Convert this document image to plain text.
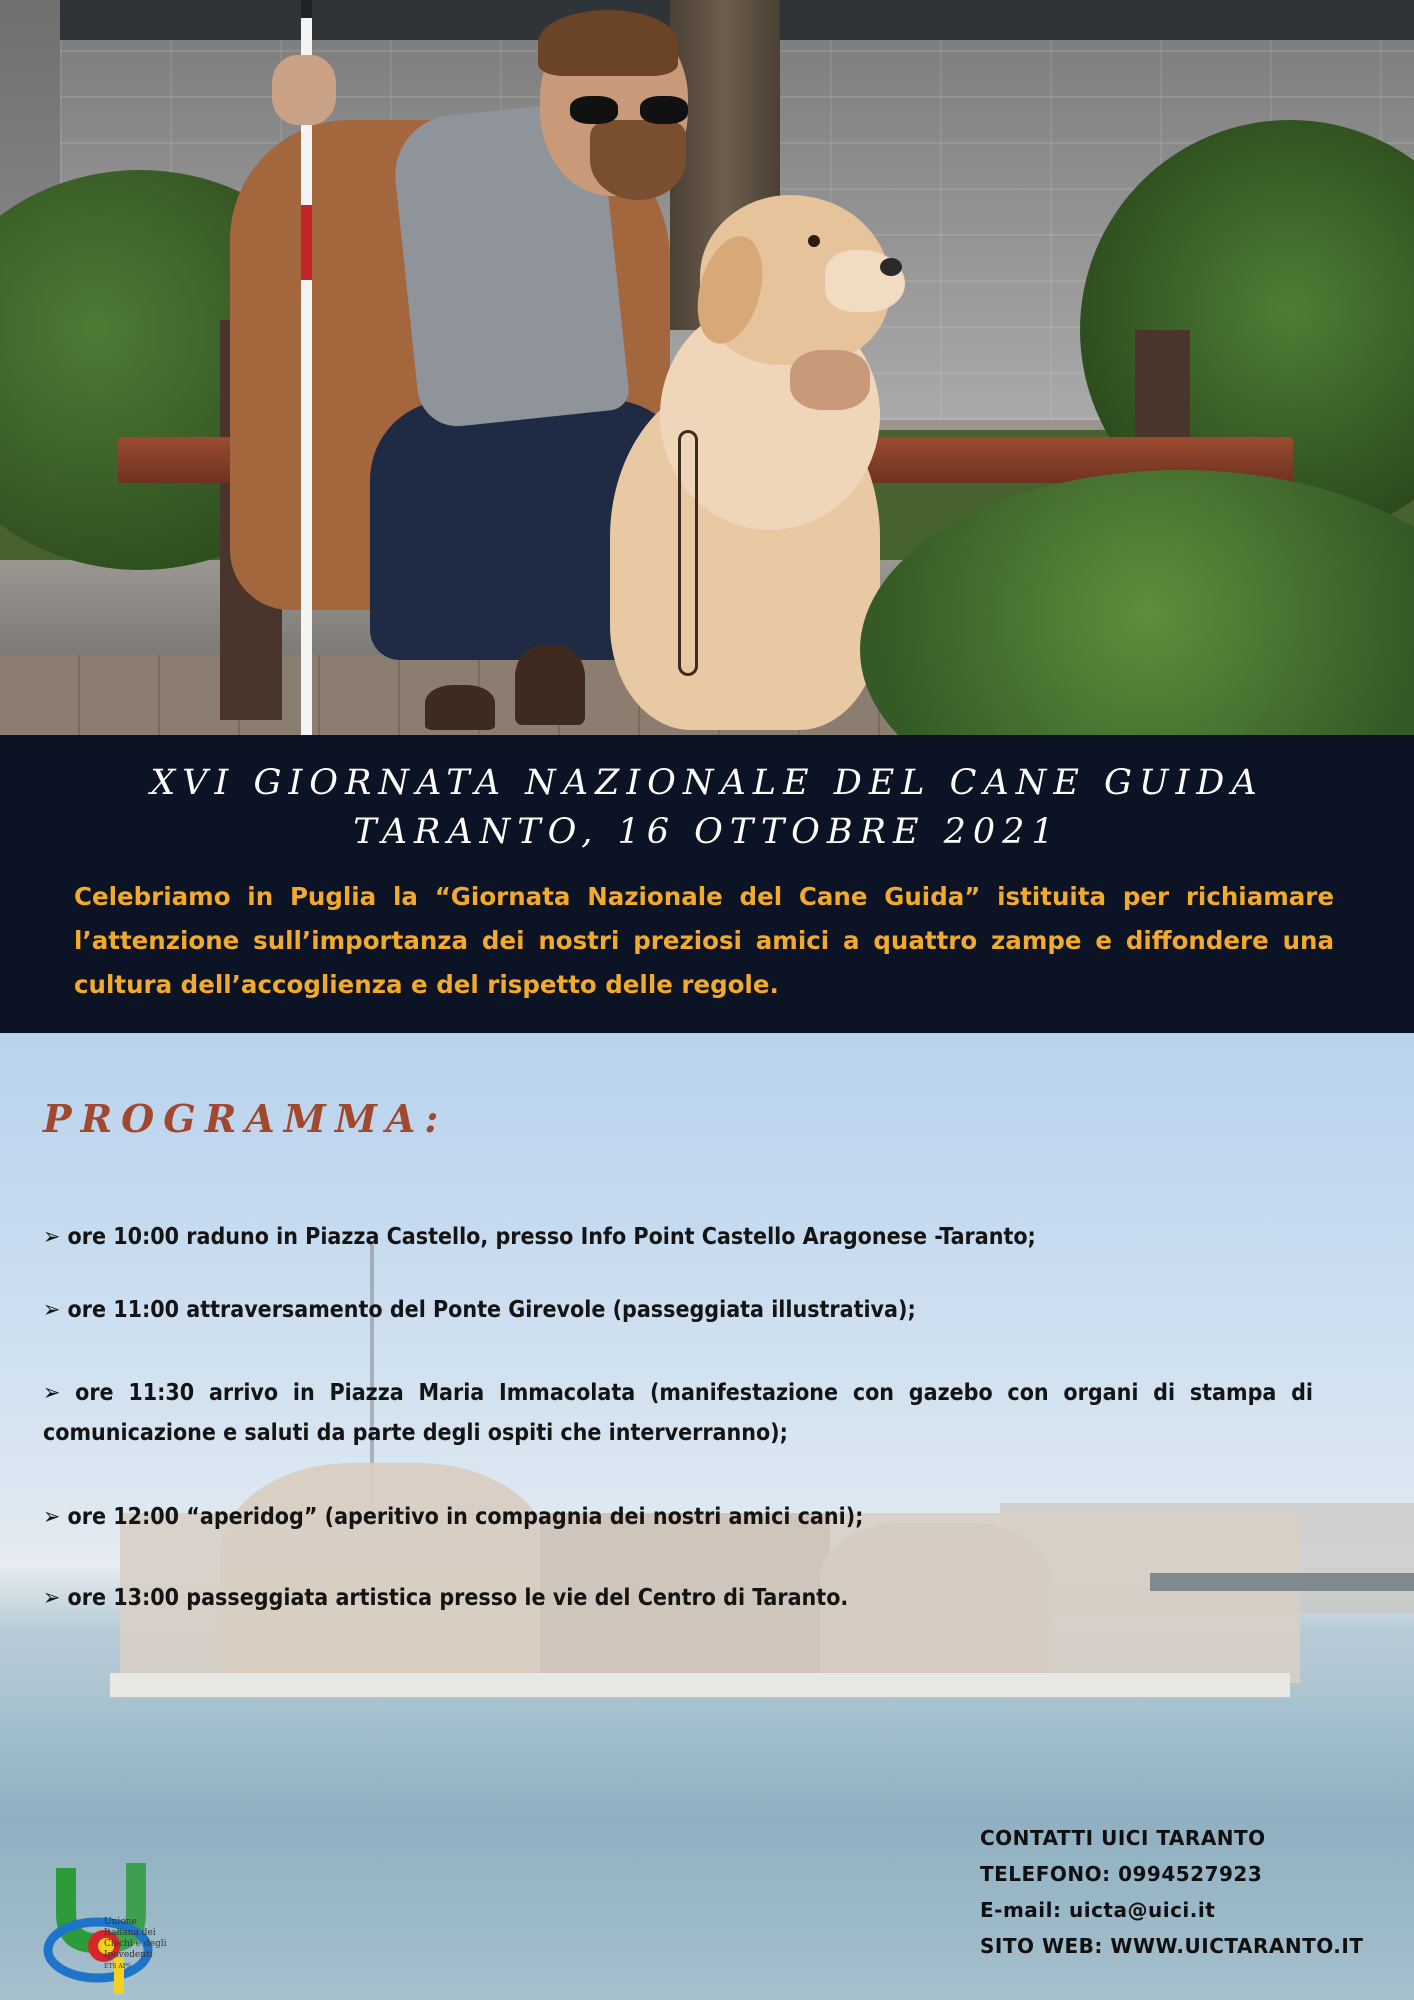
XVI GIORNATA NAZIONALE DEL CANE GUIDA
TARANTO, 16 OTTOBRE 2021

Celebriamo in Puglia la “Giornata Nazionale del Cane Guida” istituita per richiamare l’attenzione sull’importanza dei nostri preziosi amici a quattro zampe e diffondere una cultura dell’accoglienza e del rispetto delle regole.

PROGRAMMA:

➢ ore 10:00 raduno in Piazza Castello, presso Info Point Castello Aragonese -Taranto;

➢ ore 11:00 attraversamento del Ponte Girevole (passeggiata illustrativa);

➢ ore 11:30 arrivo in Piazza Maria Immacolata (manifestazione con gazebo con organi di stampa di comunicazione e saluti da parte degli ospiti che interverranno);

➢ ore 12:00 “aperidog” (aperitivo in compagnia dei nostri amici cani);

➢ ore 13:00 passeggiata artistica presso le vie del Centro di Taranto.

CONTATTI UICI TARANTO
TELEFONO: 0994527923
E-mail: uicta@uici.it
SITO WEB: WWW.UICTARANTO.IT
Unione
Italiana dei
Ciechi e degli
Ipovedenti
ETS APS
